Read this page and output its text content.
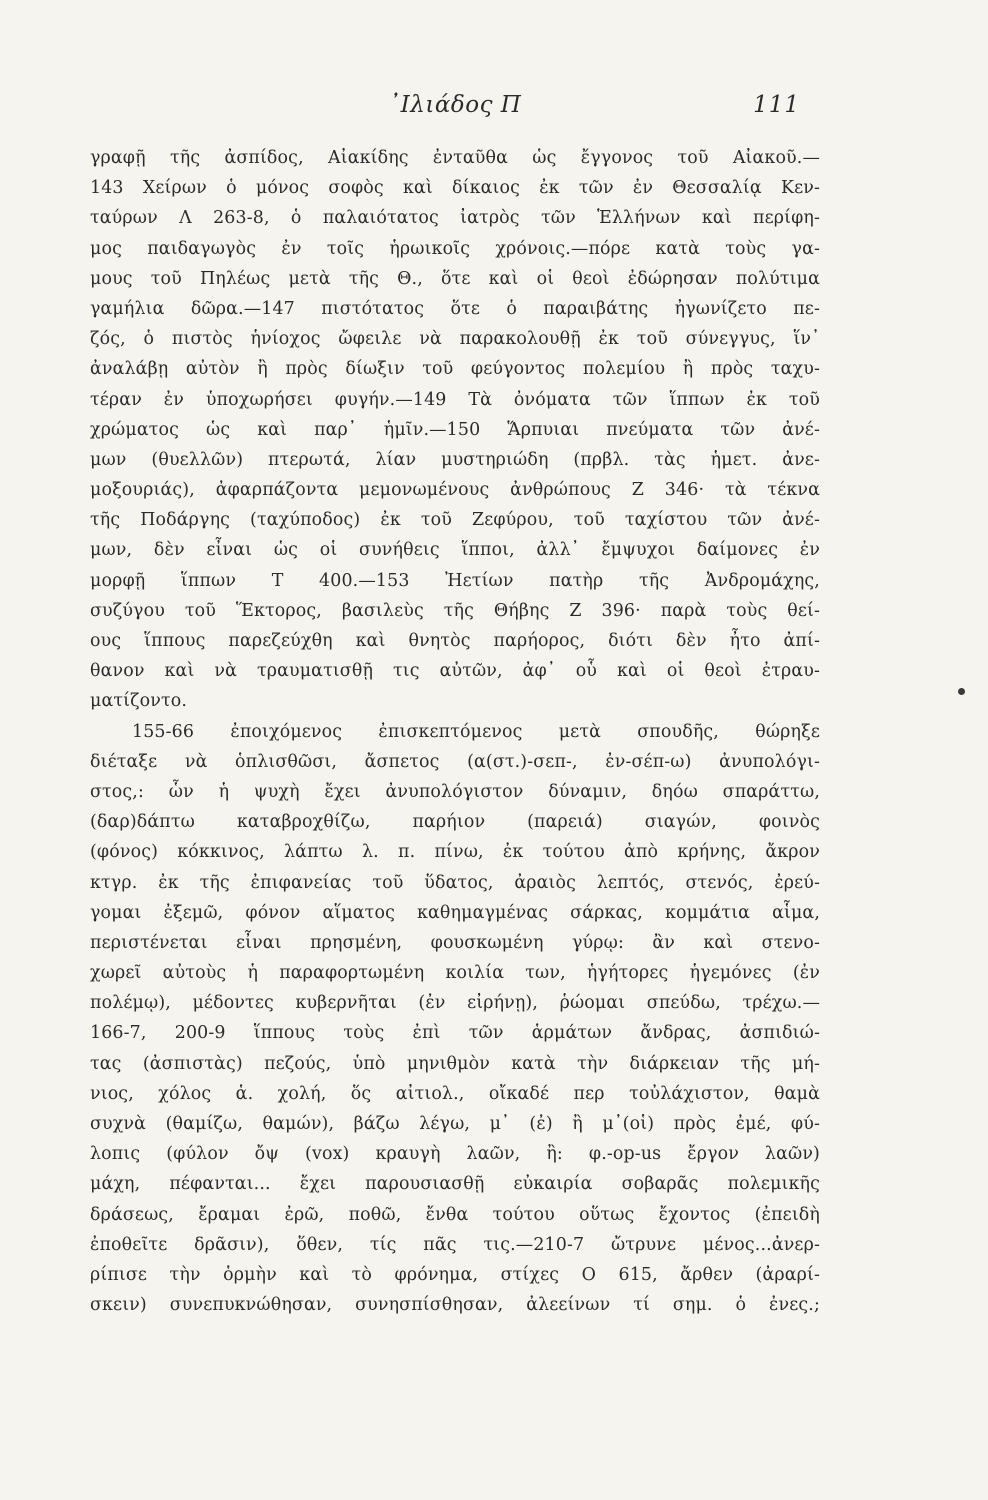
᾿Ιλιάδος Π	111
γραφῇ τῆς ἀσπίδος, Αἰακίδης ἐνταῦθα ὡς ἔγγονος τοῦ Αἰακοῦ.—
143 Χείρων ὁ μόνος σοφὸς καὶ δίκαιος ἐκ τῶν ἐν Θεσσαλίᾳ Κεν-
ταύρων Λ 263-8, ὁ παλαιότατος ἰατρὸς τῶν Ἑλλήνων καὶ περίφη-
μος παιδαγωγὸς ἐν τοῖς ἡρωικοῖς χρόνοις.—πόρε κατὰ τοὺς γα-
μους τοῦ Πηλέως μετὰ τῆς Θ., ὅτε καὶ οἱ θεοὶ ἐδώρησαν πολύτιμα
γαμήλια δῶρα.—147 πιστότατος ὅτε ὁ παραιβάτης ἠγωνίζετο πε-
ζός, ὁ πιστὸς ἡνίοχος ὤφειλε νὰ παρακολουθῇ ἐκ τοῦ σύνεγγυς, ἵν᾿
ἀναλάβῃ αὐτὸν ἢ πρὸς δίωξιν τοῦ φεύγοντος πολεμίου ἢ πρὸς ταχυ-
τέραν ἐν ὑποχωρήσει φυγήν.—149 Τὰ ὀνόματα τῶν ἵππων ἐκ τοῦ
χρώματος ὡς καὶ παρ᾿ ἡμῖν.—150 Ἅρπυιαι πνεύματα τῶν ἀνέ-
μων (θυελλῶν) πτερωτά, λίαν μυστηριώδη (πρβλ. τὰς ἡμετ. ἀνε-
μοξουριάς), ἀφαρπάζοντα μεμονωμένους ἀνθρώπους Ζ 346· τὰ τέκνα
τῆς Ποδάργης (ταχύποδος) ἐκ τοῦ Ζεφύρου, τοῦ ταχίστου τῶν ἀνέ-
μων, δὲν εἶναι ὡς οἱ συνήθεις ἵπποι, ἀλλ᾿ ἔμψυχοι δαίμονες ἐν
μορφῇ ἵππων Τ 400.—153 Ἠετίων πατὴρ τῆς Ἀνδρομάχης,
συζύγου τοῦ Ἕκτορος, βασιλεὺς τῆς Θήβης Ζ 396· παρὰ τοὺς θεί-
ους ἵππους παρεζεύχθη καὶ θνητὸς παρήορος, διότι δὲν ἦτο ἀπί-
θανον καὶ νὰ τραυματισθῇ τις αὐτῶν, ἀφ᾿ οὗ καὶ οἱ θεοὶ ἐτραυ-
ματίζοντο.
155-66 ἐποιχόμενος ἐπισκεπτόμενος μετὰ σπουδῆς, θώρηξε
διέταξε νὰ ὁπλισθῶσι, ἄσπετος (α(στ.)-σεπ-, ἐν-σέπ-ω) ἀνυπολόγι-
στος,: ὧν ἡ ψυχὴ ἔχει ἀνυπολόγιστον δύναμιν, δηόω σπαράττω,
(δαρ)δάπτω καταβροχθίζω, παρήιον (παρειά) σιαγών, φοινὸς
(φόνος) κόκκινος, λάπτω λ. π. πίνω, ἐκ τούτου ἀπὸ κρήνης, ἄκρον
κτγρ. ἐκ τῆς ἐπιφανείας τοῦ ὕδατος, ἀραιὸς λεπτός, στενός, ἐρεύ-
γομαι ἐξεμῶ, φόνον αἵματος καθημαγμένας σάρκας, κομμάτια αἷμα,
περιστένεται εἶναι πρησμένη, φουσκωμένη γύρῳ: ἂν καὶ στενο-
χωρεῖ αὐτοὺς ἡ παραφορτωμένη κοιλία των, ἡγήτορες ἡγεμόνες (ἐν
πολέμῳ), μέδοντες κυβερνῆται (ἐν εἰρήνῃ), ῥώομαι σπεύδω, τρέχω.—
166-7, 200-9 ἵππους τοὺς ἐπὶ τῶν ἁρμάτων ἄνδρας, ἀσπιδιώ-
τας (ἀσπιστὰς) πεζούς, ὑπὸ μηνιθμὸν κατὰ τὴν διάρκειαν τῆς μή-
νιος, χόλος ἁ. χολή, ὅς αἰτιολ., οἴκαδέ περ τοὐλάχιστον, θαμὰ
συχνὰ (θαμίζω, θαμών), βάζω λέγω, μ᾿ (ἐ) ἢ μ᾿(οἱ) πρὸς ἐμέ, φύ-
λοπις (φύλον ὄψ (vox) κραυγὴ λαῶν, ἢ: φ.-op-us ἔργον λαῶν)
μάχη, πέφανται... ἔχει παρουσιασθῇ εὐκαιρία σοβαρᾶς πολεμικῆς
δράσεως, ἔραμαι ἐρῶ, ποθῶ, ἔνθα τούτου οὕτως ἔχοντος (ἐπειδὴ
ἐποθεῖτε δρᾶσιν), ὅθεν, τίς πᾶς τις.—210-7 ὤτρυνε μένος...ἀνερ-
ρίπισε τὴν ὁρμὴν καὶ τὸ φρόνημα, στίχες Ο 615, ἄρθεν (ἀραρί-
σκειν) συνεπυκνώθησαν, συνησπίσθησαν, ἀλεείνων τί σημ. ὁ ἐνες.;
